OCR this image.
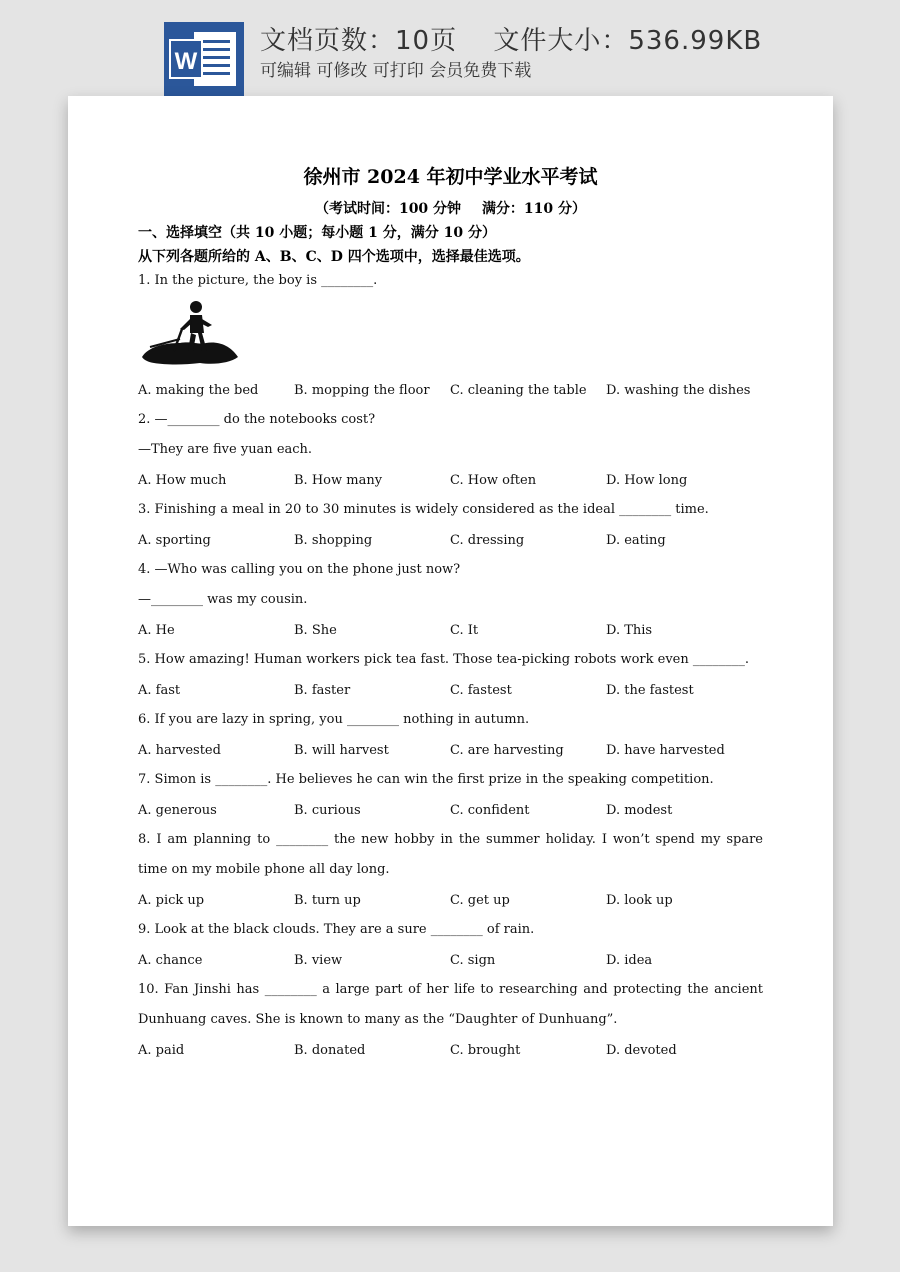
W
文档页数：10页　 文件大小：536.99KB
可编辑 可修改 可打印 会员免费下载
徐州市 2024 年初中学业水平考试
（考试时间：100 分钟 满分：110 分）
一、选择填空（共 10 小题；每小题 1 分，满分 10 分）
从下列各题所给的 A、B、C、D 四个选项中，选择最佳选项。
1. In the picture, the boy is ________.
A. making the bed	B. mopping the floor C. cleaning the table D. washing the dishes
2. —________ do the notebooks cost?
—They are five yuan each.
A. How much	B. How many	C. How often	D. How long
3. Finishing a meal in 20 to 30 minutes is widely considered as the ideal ________ time.
A. sporting	B. shopping	C. dressing	D. eating
4. —Who was calling you on the phone just now?
—________ was my cousin.
A. He	B. She	C. It	D. This
5. How amazing! Human workers pick tea fast. Those tea-picking robots work even ________.
A. fast	B. faster	C. fastest	D. the fastest
6. If you are lazy in spring, you ________ nothing in autumn.
A. harvested	B. will harvest	C. are harvesting	D. have harvested
7. Simon is ________. He believes he can win the first prize in the speaking competition.
A. generous	B. curious	C. confident	D. modest
8. I am planning to ________ the new hobby in the summer holiday. I won’t spend my spare time on my mobile phone all day long.
A. pick up	B. turn up	C. get up	D. look up
9. Look at the black clouds. They are a sure ________ of rain.
A. chance	B. view	C. sign	D. idea
10. Fan Jinshi has ________ a large part of her life to researching and protecting the ancient Dunhuang caves. She is known to many as the “Daughter of Dunhuang”.
A. paid	B. donated	C. brought	D. devoted
